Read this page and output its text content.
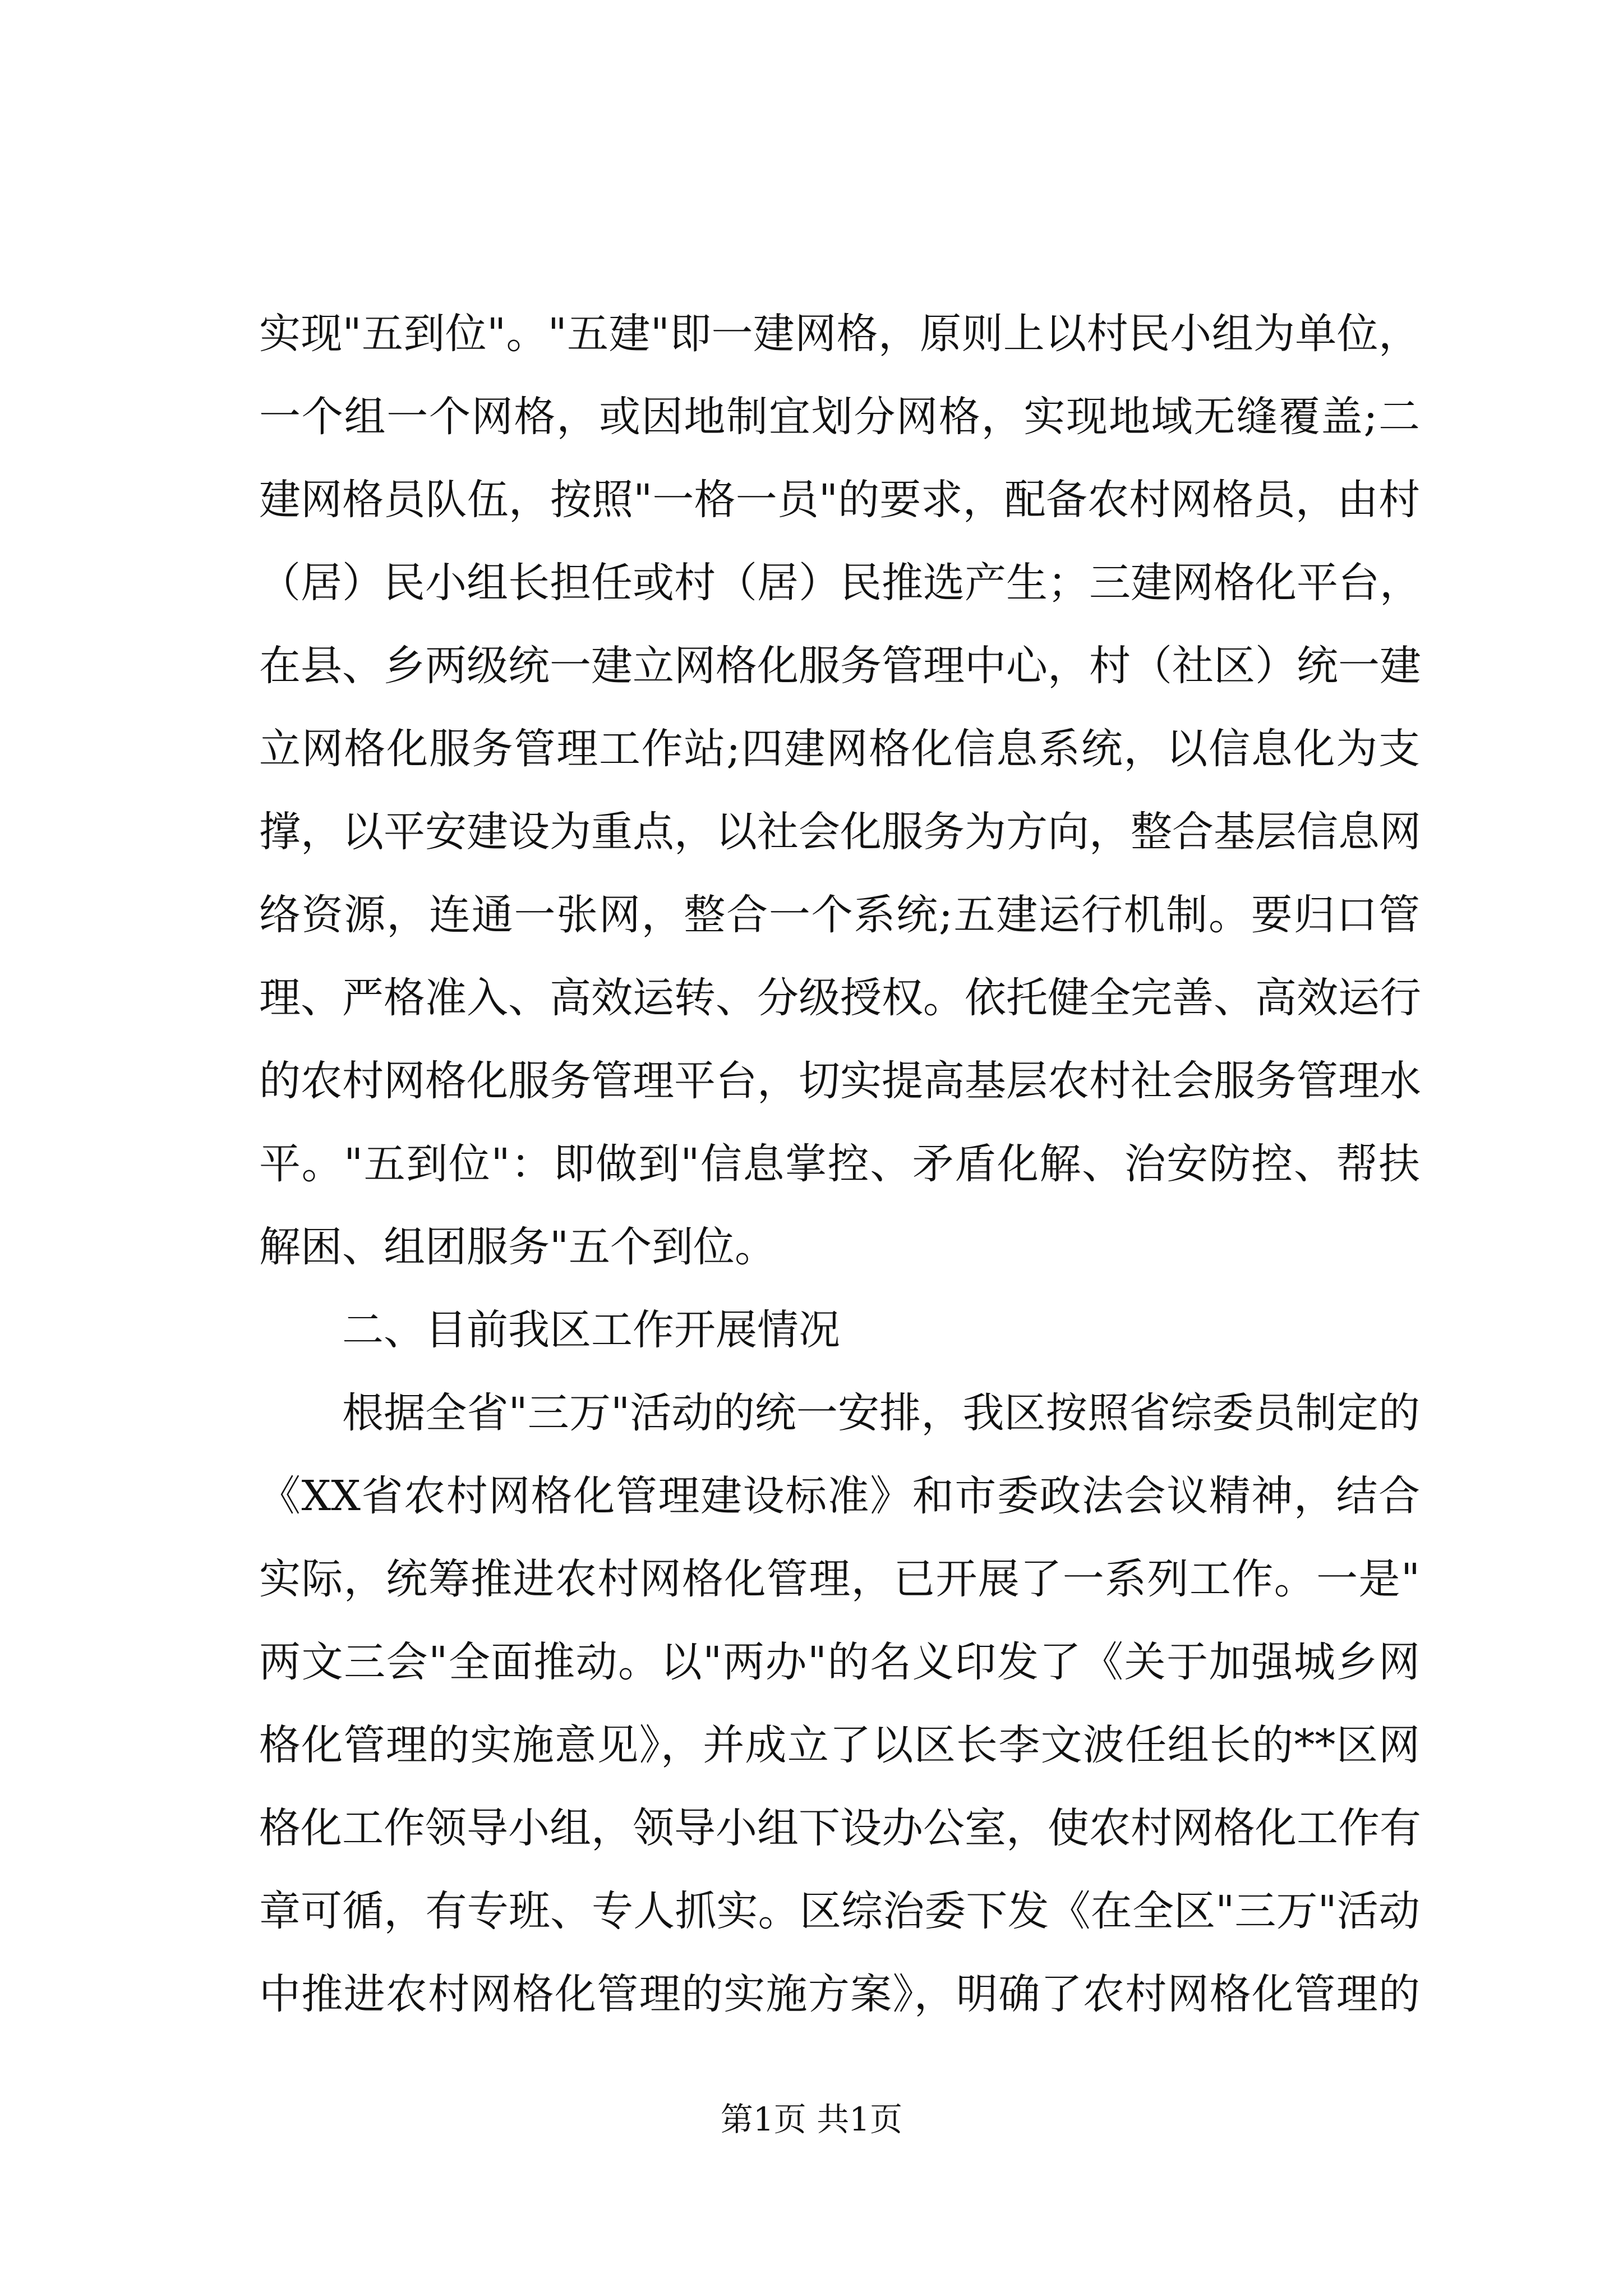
实现"五到位"。"五建"即一建网格，原则上以村民小组为单位，
一个组一个网格，或因地制宜划分网格，实现地域无缝覆盖;二
建网格员队伍，按照"一格一员"的要求，配备农村网格员，由村
（居）民小组长担任或村（居）民推选产生；三建网格化平台，
在县、乡两级统一建立网格化服务管理中心，村（社区）统一建
立网格化服务管理工作站;四建网格化信息系统，以信息化为支
撑，以平安建设为重点，以社会化服务为方向，整合基层信息网
络资源，连通一张网，整合一个系统;五建运行机制。要归口管
理、严格准入、高效运转、分级授权。依托健全完善、高效运行
的农村网格化服务管理平台，切实提高基层农村社会服务管理水
平。"五到位"：即做到"信息掌控、矛盾化解、治安防控、帮扶
解困、组团服务"五个到位。
二、目前我区工作开展情况
根据全省"三万"活动的统一安排，我区按照省综委员制定的
《XX省农村网格化管理建设标准》和市委政法会议精神，结合
实际，统筹推进农村网格化管理，已开展了一系列工作。一是"
两文三会"全面推动。以"两办"的名义印发了《关于加强城乡网
格化管理的实施意见》，并成立了以区长李文波任组长的**区网
格化工作领导小组，领导小组下设办公室，使农村网格化工作有
章可循，有专班、专人抓实。区综治委下发《在全区"三万"活动
中推进农村网格化管理的实施方案》，明确了农村网格化管理的
第1页 共1页
